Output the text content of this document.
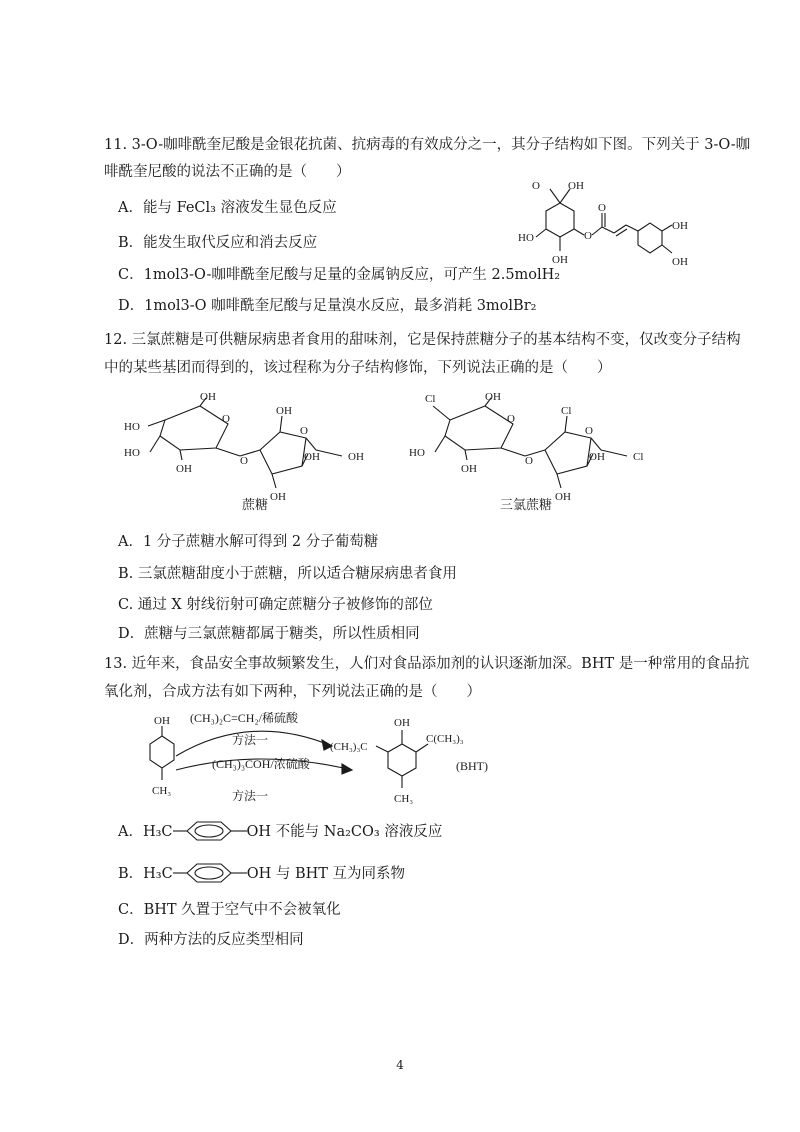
11. 3-O-咖啡酰奎尼酸是金银花抗菌、抗病毒的有效成分之一，其分子结构如下图。下列关于 3-O-咖
啡酰奎尼酸的说法不正确的是（　　）
A．能与 FeCl₃ 溶液发生显色反应
B．能发生取代反应和消去反应
C．1mol3-O-咖啡酰奎尼酸与足量的金属钠反应，可产生 2.5molH₂
D．1mol3-O 咖啡酰奎尼酸与足量溴水反应，最多消耗 3molBr₂
O	OH
HO
OH
O
O
OH
OH
12. 三氯蔗糖是可供糖尿病患者食用的甜味剂，它是保持蔗糖分子的基本结构不变，仅改变分子结构
中的某些基团而得到的，该过程称为分子结构修饰，下列说法正确的是（　　）
OH
O
HO
HO
OH
O
OH
O
OH
OH
OH
OH
O
Cl
HO
OH
O
Cl
O
OH
OH
Cl
蔗糖	三氯蔗糖
A．1 分子蔗糖水解可得到 2 分子葡萄糖
B. 三氯蔗糖甜度小于蔗糖，所以适合糖尿病患者食用
C. 通过 X 射线衍射可确定蔗糖分子被修饰的部位
D．蔗糖与三氯蔗糖都属于糖类，所以性质相同
13. 近年来，食品安全事故频繁发生，人们对食品添加剂的认识逐渐加深。BHT 是一种常用的食品抗
氧化剂，合成方法有如下两种，下列说法正确的是（　　）
OH
CH₃
(CH₃)₂C=CH₂/稀硫酸
方法一
(CH₃)₃COH/浓硫酸
方法一
OH
(CH₃)₃C
C(CH₃)₃
CH₃
(BHT)
A．H₃C	OH 不能与 Na₂CO₃ 溶液反应
B．H₃C	OH 与 BHT 互为同系物
C．BHT 久置于空气中不会被氧化
D．两种方法的反应类型相同
4
